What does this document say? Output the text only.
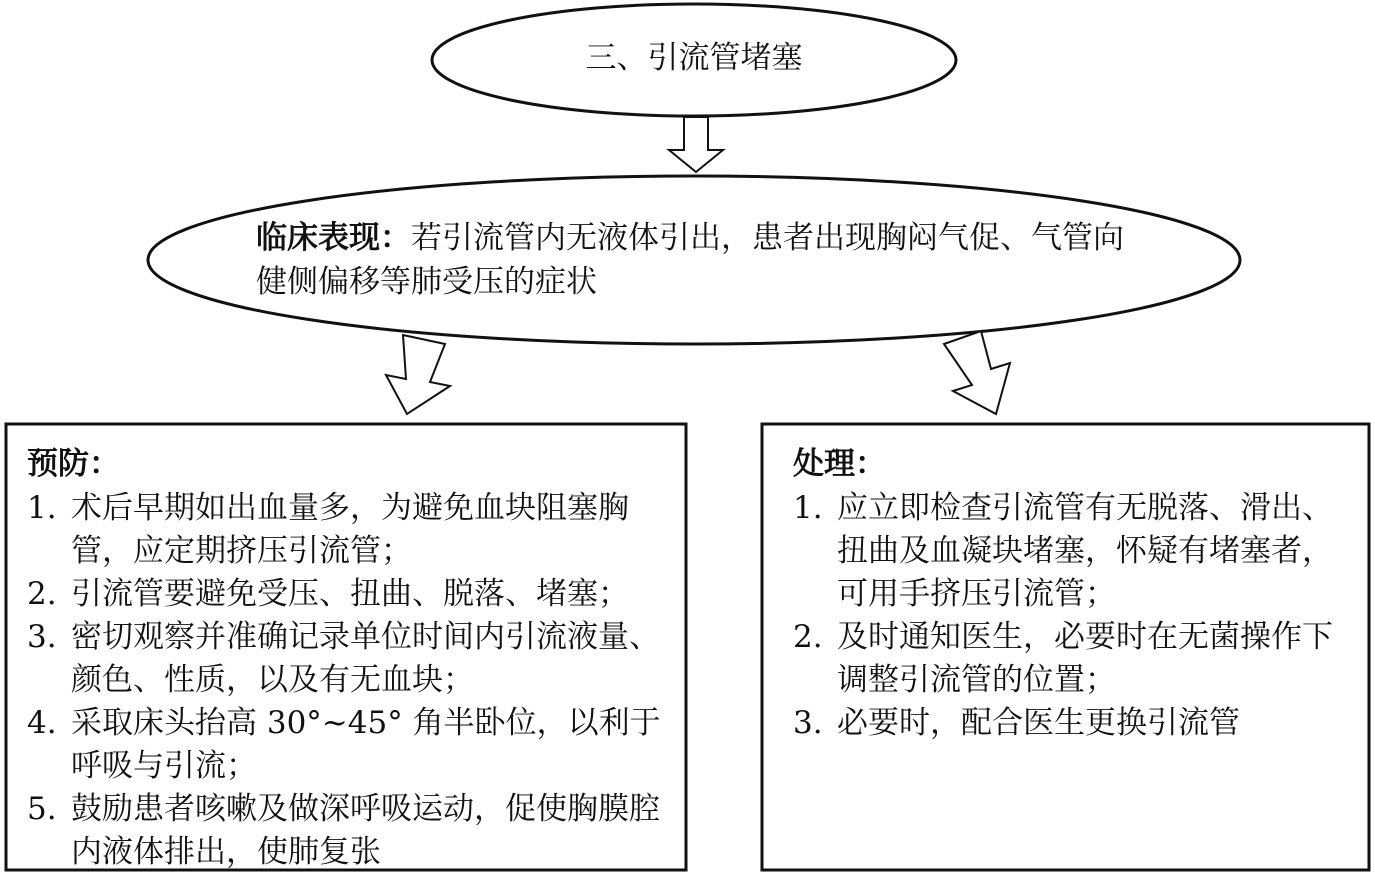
三、引流管堵塞
临床表现：若引流管内无液体引出，患者出现胸闷气促、气管向健侧偏移等肺受压的症状
预防：
1. 术后早期如出血量多，为避免血块阻塞胸管，应定期挤压引流管；
2. 引流管要避免受压、扭曲、脱落、堵塞；
3. 密切观察并准确记录单位时间内引流液量、颜色、性质，以及有无血块；
4. 采取床头抬高 30°~45° 角半卧位，以利于呼吸与引流；
5. 鼓励患者咳嗽及做深呼吸运动，促使胸膜腔内液体排出，使肺复张
处理：
1. 应立即检查引流管有无脱落、滑出、扭曲及血凝块堵塞，怀疑有堵塞者，可用手挤压引流管；
2. 及时通知医生，必要时在无菌操作下调整引流管的位置；
3. 必要时，配合医生更换引流管
